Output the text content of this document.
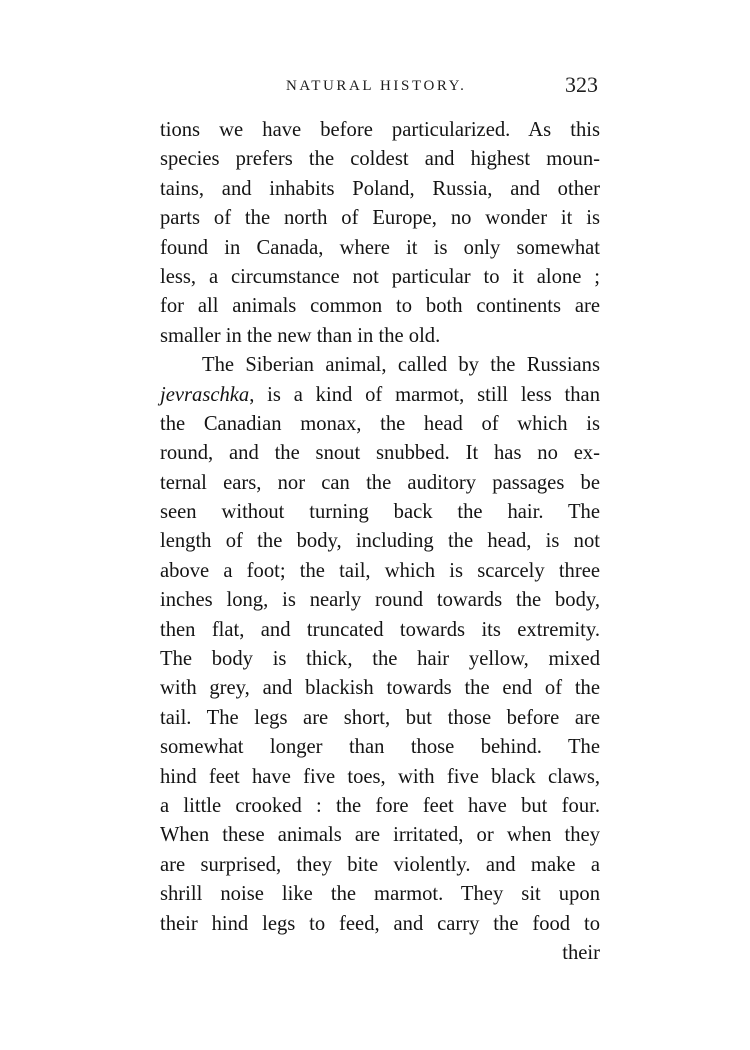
NATURAL HISTORY.	323
tions we have before particularized. As this
species prefers the coldest and highest moun-
tains, and inhabits Poland, Russia, and other
parts of the north of Europe, no wonder it is
found in Canada, where it is only somewhat
less, a circumstance not particular to it alone ;
for all animals common to both continents are
smaller in the new than in the old.
The Siberian animal, called by the Russians
jevraschka, is a kind of marmot, still less than
the Canadian monax, the head of which is
round, and the snout snubbed. It has no ex-
ternal ears, nor can the auditory passages be
seen without turning back the hair. The
length of the body, including the head, is not
above a foot; the tail, which is scarcely three
inches long, is nearly round towards the body,
then flat, and truncated towards its extremity.
The body is thick, the hair yellow, mixed
with grey, and blackish towards the end of the
tail. The legs are short, but those before are
somewhat longer than those behind. The
hind feet have five toes, with five black claws,
a little crooked : the fore feet have but four.
When these animals are irritated, or when they
are surprised, they bite violently. and make a
shrill noise like the marmot. They sit upon
their hind legs to feed, and carry the food to
their
